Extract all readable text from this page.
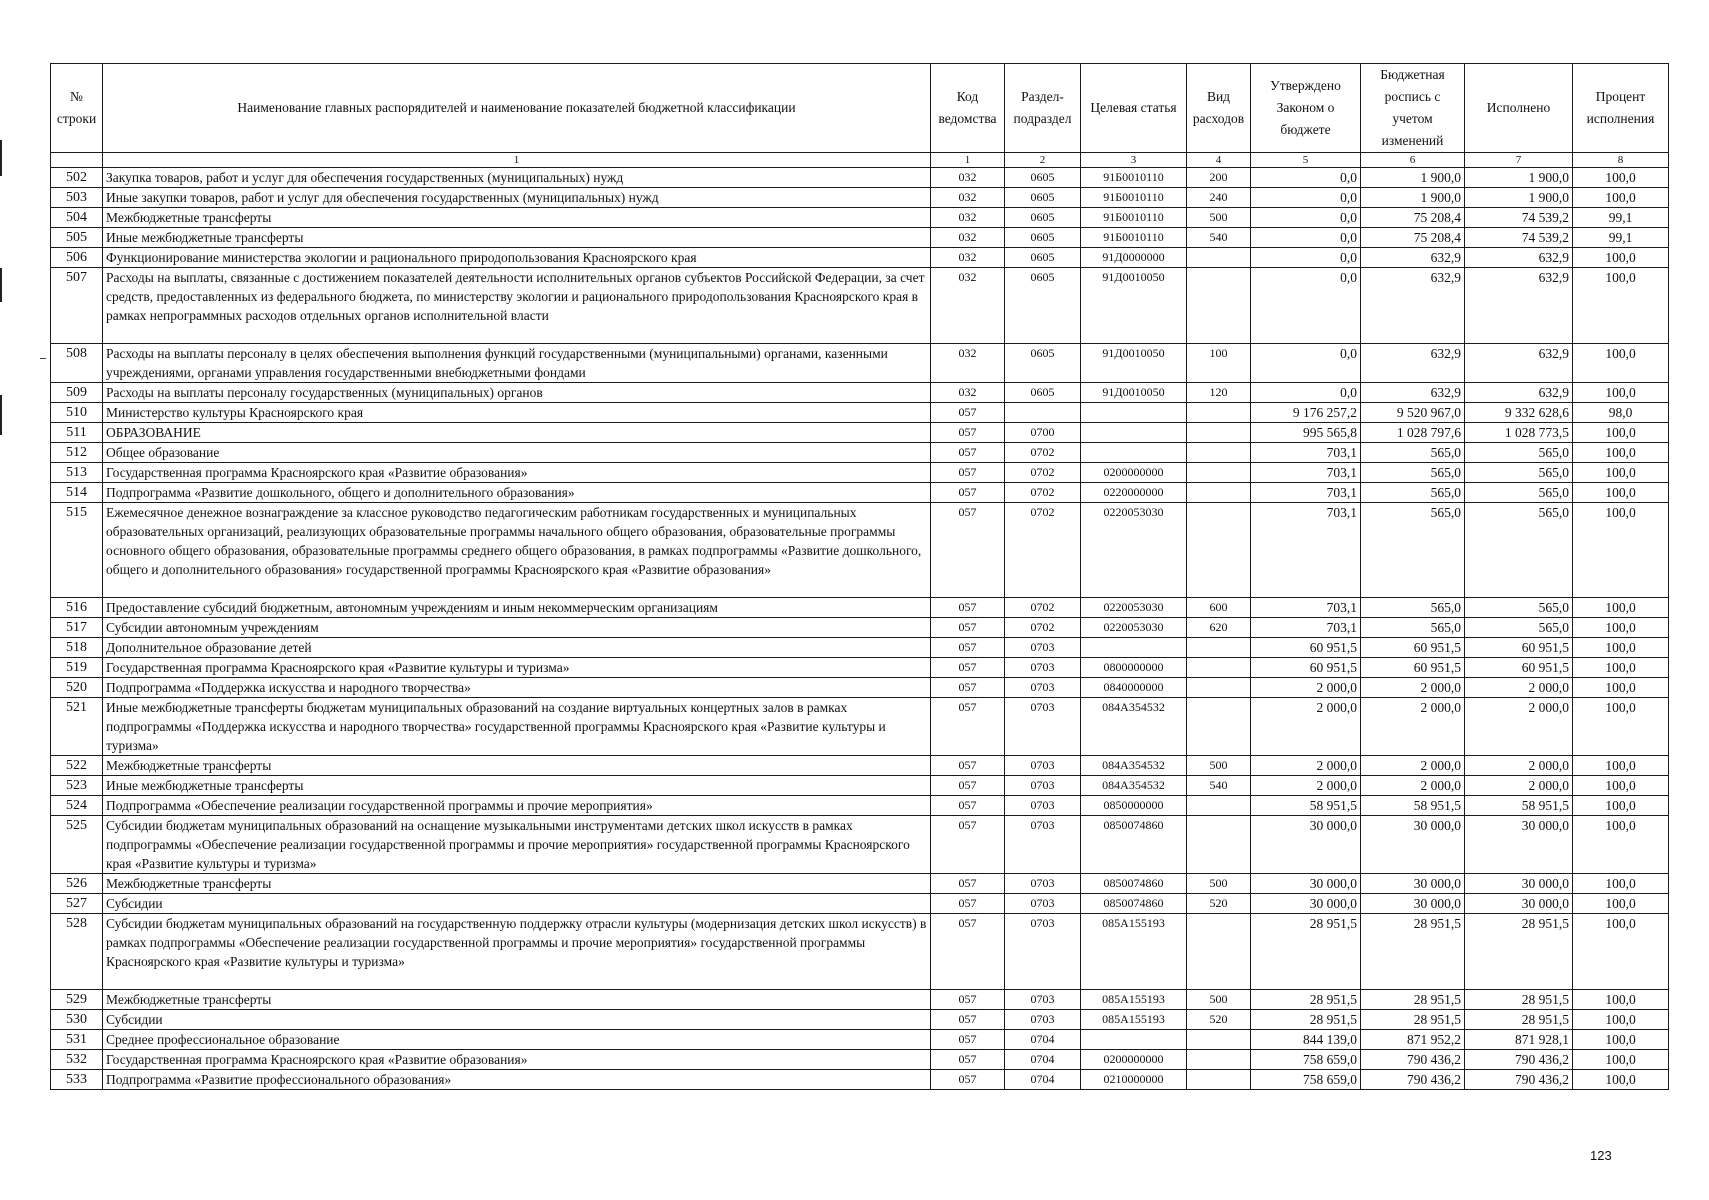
№ строки	Наименование главных распорядителей и наименование показателей бюджетной классификации	Код ведомства	Раздел-подраздел	Целевая статья	Вид расходов	Утверждено Законом о бюджете	Бюджетная роспись с учетом изменений	Исполнено	Процент исполнения
	1	1	2	3	4	5	6	7	8
502	Закупка товаров, работ и услуг для обеспечения государственных (муниципальных) нужд	032	0605	91Б0010110	200	0,0	1 900,0	1 900,0	100,0
503	Иные закупки товаров, работ и услуг для обеспечения государственных (муниципальных) нужд	032	0605	91Б0010110	240	0,0	1 900,0	1 900,0	100,0
504	Межбюджетные трансферты	032	0605	91Б0010110	500	0,0	75 208,4	74 539,2	99,1
505	Иные межбюджетные трансферты	032	0605	91Б0010110	540	0,0	75 208,4	74 539,2	99,1
506	Функционирование министерства экологии и рационального природопользования Красноярского края	032	0605	91Д0000000		0,0	632,9	632,9	100,0
507	Расходы на выплаты, связанные с достижением показателей деятельности исполнительных органов субъектов Российской Федерации, за счет средств, предоставленных из федерального бюджета, по министерству экологии и рационального природопользования Красноярского края в рамках непрограммных расходов отдельных органов исполнительной власти	032	0605	91Д0010050		0,0	632,9	632,9	100,0
508	Расходы на выплаты персоналу в целях обеспечения выполнения функций государственными (муниципальными) органами, казенными учреждениями, органами управления государственными внебюджетными фондами	032	0605	91Д0010050	100	0,0	632,9	632,9	100,0
509	Расходы на выплаты персоналу государственных (муниципальных) органов	032	0605	91Д0010050	120	0,0	632,9	632,9	100,0
510	Министерство культуры Красноярского края	057				9 176 257,2	9 520 967,0	9 332 628,6	98,0
511	ОБРАЗОВАНИЕ	057	0700			995 565,8	1 028 797,6	1 028 773,5	100,0
512	Общее образование	057	0702			703,1	565,0	565,0	100,0
513	Государственная программа Красноярского края «Развитие образования»	057	0702	0200000000		703,1	565,0	565,0	100,0
514	Подпрограмма «Развитие дошкольного, общего и дополнительного образования»	057	0702	0220000000		703,1	565,0	565,0	100,0
515	Ежемесячное денежное вознаграждение за классное руководство педагогическим работникам государственных и муниципальных образовательных организаций, реализующих образовательные программы начального общего образования, образовательные программы основного общего образования, образовательные программы среднего общего образования, в рамках подпрограммы «Развитие дошкольного, общего и дополнительного образования» государственной программы Красноярского края «Развитие образования»	057	0702	0220053030		703,1	565,0	565,0	100,0
516	Предоставление субсидий бюджетным, автономным учреждениям и иным некоммерческим организациям	057	0702	0220053030	600	703,1	565,0	565,0	100,0
517	Субсидии автономным учреждениям	057	0702	0220053030	620	703,1	565,0	565,0	100,0
518	Дополнительное образование детей	057	0703			60 951,5	60 951,5	60 951,5	100,0
519	Государственная программа Красноярского края «Развитие культуры и туризма»	057	0703	0800000000		60 951,5	60 951,5	60 951,5	100,0
520	Подпрограмма «Поддержка искусства и народного творчества»	057	0703	0840000000		2 000,0	2 000,0	2 000,0	100,0
521	Иные межбюджетные трансферты бюджетам муниципальных образований на создание виртуальных концертных залов в рамках подпрограммы «Поддержка искусства и народного творчества» государственной программы Красноярского края «Развитие культуры и туризма»	057	0703	084A354532		2 000,0	2 000,0	2 000,0	100,0
522	Межбюджетные трансферты	057	0703	084A354532	500	2 000,0	2 000,0	2 000,0	100,0
523	Иные межбюджетные трансферты	057	0703	084A354532	540	2 000,0	2 000,0	2 000,0	100,0
524	Подпрограмма «Обеспечение реализации государственной программы и прочие мероприятия»	057	0703	0850000000		58 951,5	58 951,5	58 951,5	100,0
525	Субсидии бюджетам муниципальных образований на оснащение музыкальными инструментами детских школ искусств в рамках подпрограммы «Обеспечение реализации государственной программы и прочие мероприятия» государственной программы Красноярского края «Развитие культуры и туризма»	057	0703	0850074860		30 000,0	30 000,0	30 000,0	100,0
526	Межбюджетные трансферты	057	0703	0850074860	500	30 000,0	30 000,0	30 000,0	100,0
527	Субсидии	057	0703	0850074860	520	30 000,0	30 000,0	30 000,0	100,0
528	Субсидии бюджетам муниципальных образований на государственную поддержку отрасли культуры (модернизация детских школ искусств) в рамках подпрограммы «Обеспечение реализации государственной программы и прочие мероприятия» государственной программы Красноярского края «Развитие культуры и туризма»	057	0703	085A155193		28 951,5	28 951,5	28 951,5	100,0
529	Межбюджетные трансферты	057	0703	085A155193	500	28 951,5	28 951,5	28 951,5	100,0
530	Субсидии	057	0703	085A155193	520	28 951,5	28 951,5	28 951,5	100,0
531	Среднее профессиональное образование	057	0704			844 139,0	871 952,2	871 928,1	100,0
532	Государственная программа Красноярского края «Развитие образования»	057	0704	0200000000		758 659,0	790 436,2	790 436,2	100,0
533	Подпрограмма «Развитие профессионального образования»	057	0704	0210000000		758 659,0	790 436,2	790 436,2	100,0
123
